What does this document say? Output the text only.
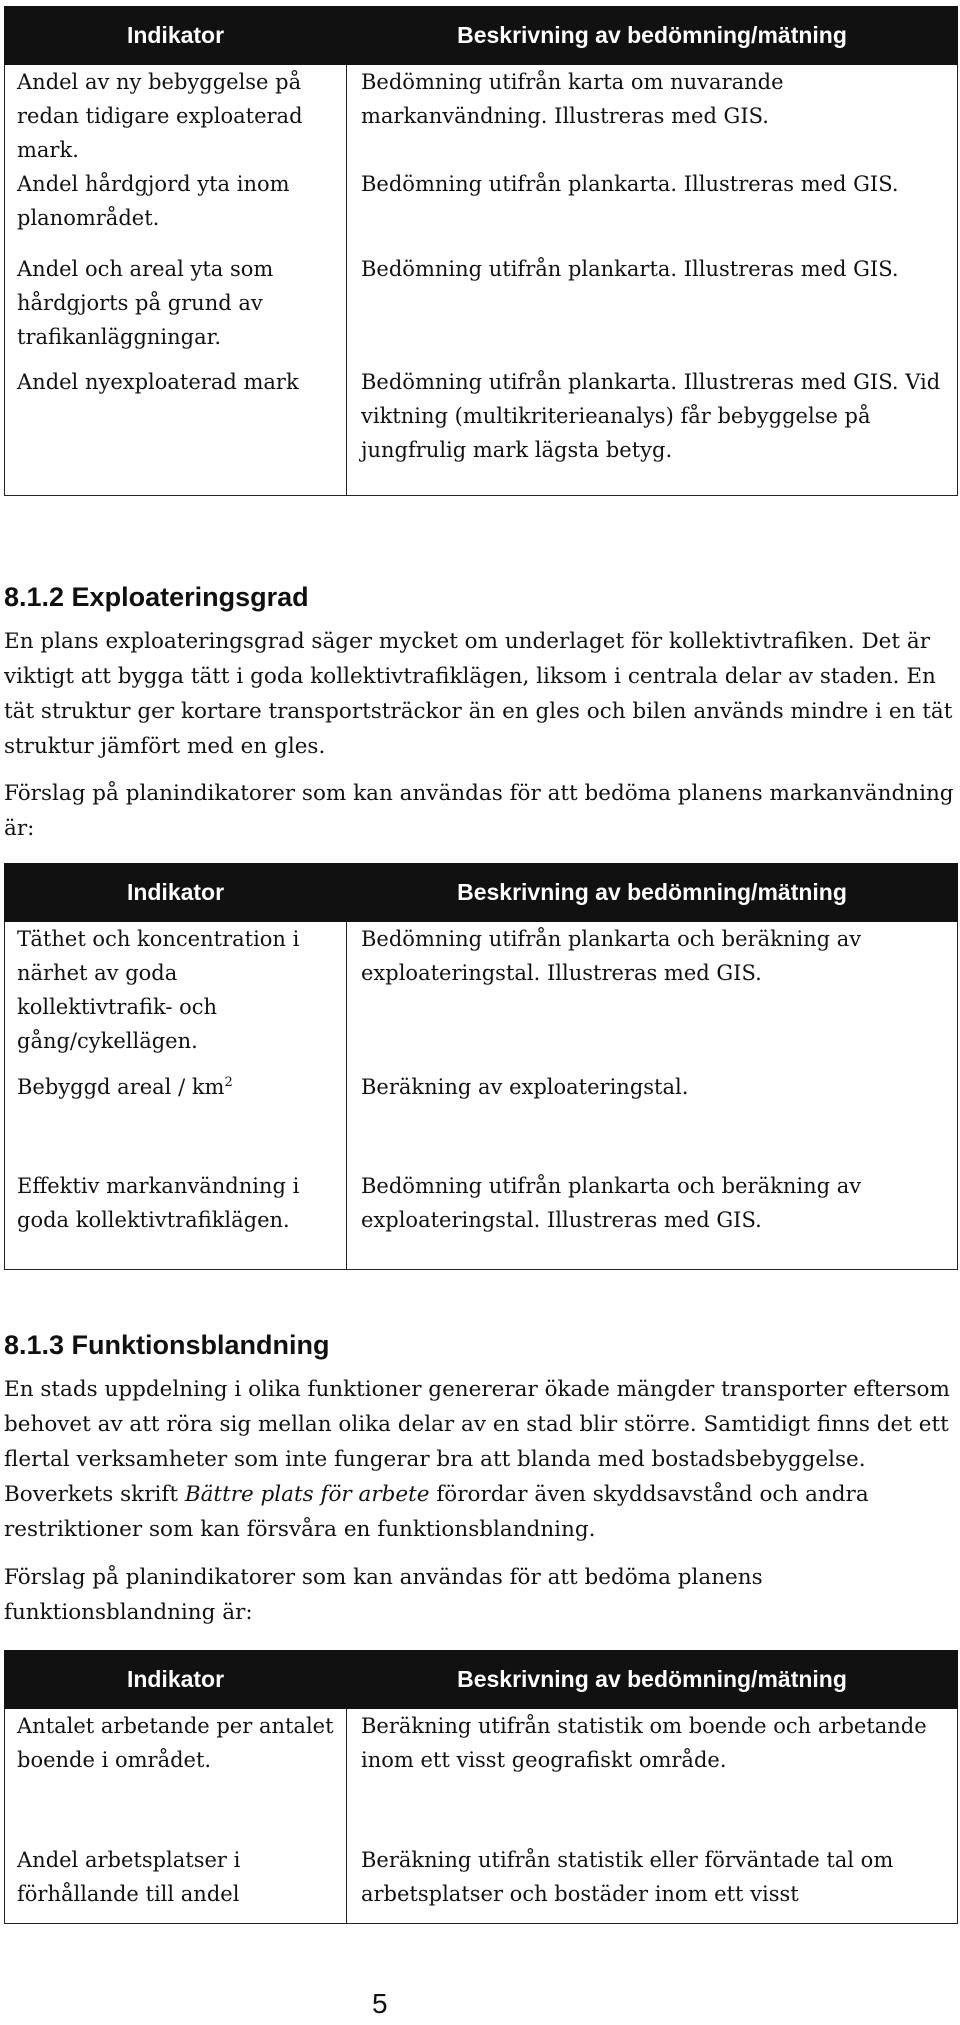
Indikator	Beskrivning av bedömning/mätning
Andel av ny bebyggelse på redan tidigare exploaterad mark.	Bedömning utifrån karta om nuvarande markanvändning. Illustreras med GIS.
Andel hårdgjord yta inom planområdet.	Bedömning utifrån plankarta. Illustreras med GIS.
Andel och areal yta som hårdgjorts på grund av trafikanläggningar.	Bedömning utifrån plankarta. Illustreras med GIS.
Andel nyexploaterad mark	Bedömning utifrån plankarta. Illustreras med GIS. Vid viktning (multikriterieanalys) får bebyggelse på jungfrulig mark lägsta betyg.
8.1.2 Exploateringsgrad

En plans exploateringsgrad säger mycket om underlaget för kollektivtrafiken. Det är viktigt att bygga tätt i goda kollektivtrafiklägen, liksom i centrala delar av staden. En tät struktur ger kortare transportsträckor än en gles och bilen används mindre i en tät struktur jämfört med en gles.

Förslag på planindikatorer som kan användas för att bedöma planens markanvändning är:

Indikator	Beskrivning av bedömning/mätning
Täthet och koncentration i närhet av goda kollektivtrafik- och gång/cykellägen.	Bedömning utifrån plankarta och beräkning av exploateringstal. Illustreras med GIS.
Bebyggd areal / $km^2$	Beräkning av exploateringstal.
Effektiv markanvändning i goda kollektivtrafiklägen.	Bedömning utifrån plankarta och beräkning av exploateringstal. Illustreras med GIS.
8.1.3 Funktionsblandning

En stads uppdelning i olika funktioner genererar ökade mängder transporter eftersom behovet av att röra sig mellan olika delar av en stad blir större. Samtidigt finns det ett flertal verksamheter som inte fungerar bra att blanda med bostadsbebyggelse. Boverkets skrift Bättre plats för arbete förordar även skyddsavstånd och andra restriktioner som kan försvåra en funktionsblandning.

Förslag på planindikatorer som kan användas för att bedöma planens funktionsblandning är:

Indikator	Beskrivning av bedömning/mätning
Antalet arbetande per antalet boende i området.	Beräkning utifrån statistik om boende och arbetande inom ett visst geografiskt område.
Andel arbetsplatser i förhållande till andel	Beräkning utifrån statistik eller förväntade tal om arbetsplatser och bostäder inom ett visst
5
